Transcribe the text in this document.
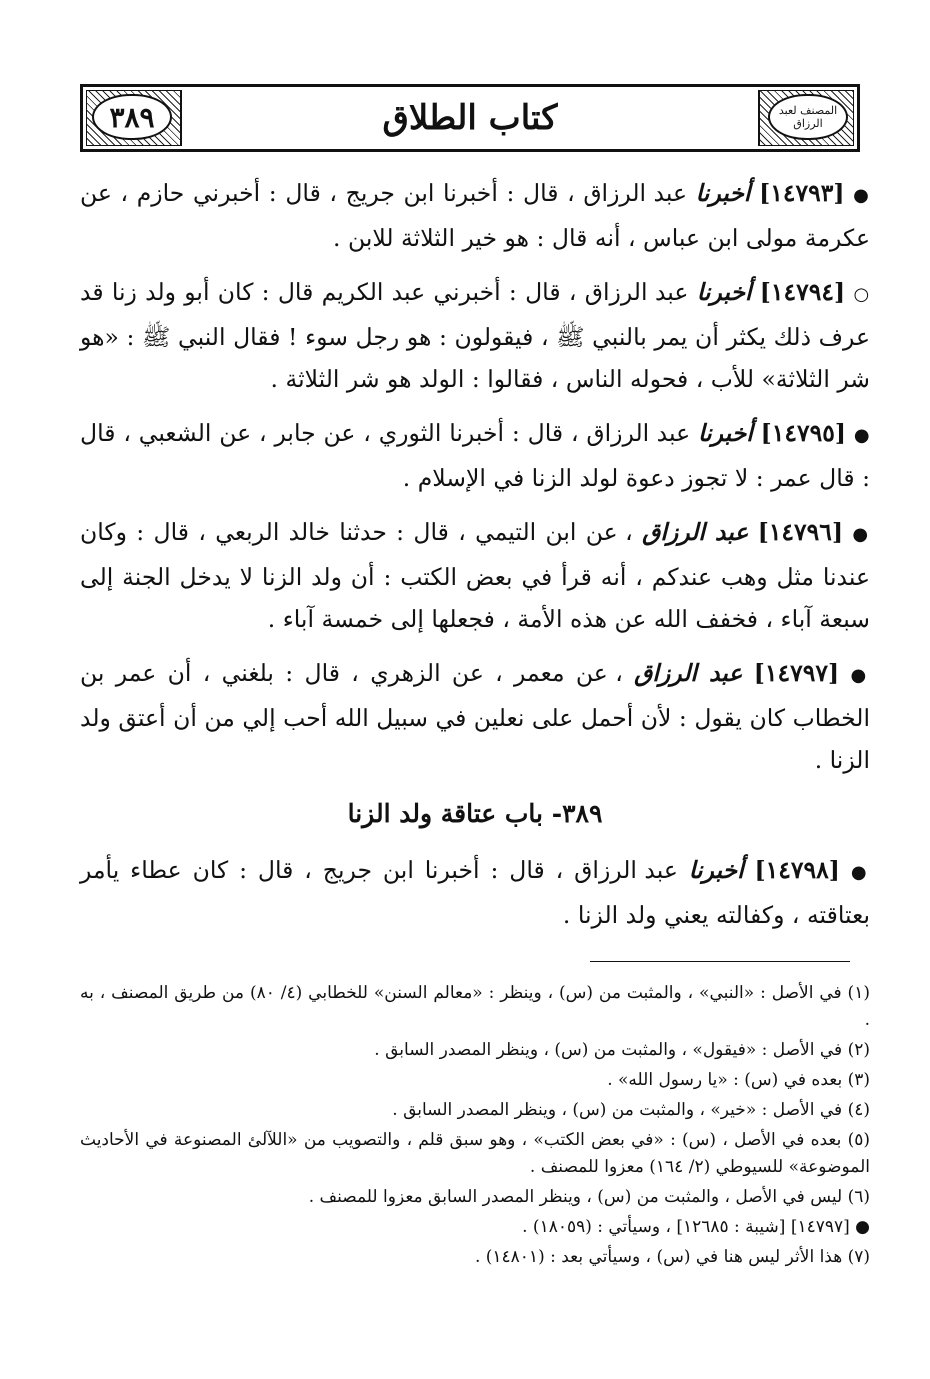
٣٨٩	كتاب الطلاق	المصنف لعبد الرزاق

● [١٤٧٩٣] أخبرنا عبد الرزاق ، قال : أخبرنا ابن جريج ، قال : أخبرني حازم ، عن عكرمة مولى ابن عباس ، أنه قال : هو خير الثلاثة للابن .

○ [١٤٧٩٤] أخبرنا عبد الرزاق ، قال : أخبرني عبد الكريم قال : كان أبو ولد زنا قد عرف ذلك يكثر أن يمر بالنبي ﷺ ، فيقولون : هو رجل سوء ! فقال النبي ﷺ : «هو شر الثلاثة» للأب ، فحوله الناس ، فقالوا : الولد هو شر الثلاثة .

● [١٤٧٩٥] أخبرنا عبد الرزاق ، قال : أخبرنا الثوري ، عن جابر ، عن الشعبي ، قال : قال عمر : لا تجوز دعوة لولد الزنا في الإسلام .

● [١٤٧٩٦] عبد الرزاق ، عن ابن التيمي ، قال : حدثنا خالد الربعي ، قال : وكان عندنا مثل وهب عندكم ، أنه قرأ في بعض الكتب : أن ولد الزنا لا يدخل الجنة إلى سبعة آباء ، فخفف الله عن هذه الأمة ، فجعلها إلى خمسة آباء .

● [١٤٧٩٧] عبد الرزاق ، عن معمر ، عن الزهري ، قال : بلغني ، أن عمر بن الخطاب كان يقول : لأن أحمل على نعلين في سبيل الله أحب إلي من أن أعتق ولد الزنا .

٣٨٩- باب عتاقة ولد الزنا

● [١٤٧٩٨] أخبرنا عبد الرزاق ، قال : أخبرنا ابن جريج ، قال : كان عطاء يأمر بعتاقته ، وكفالته يعني ولد الزنا .

(١) في الأصل : «النبي» ، والمثبت من (س) ، وينظر : «معالم السنن» للخطابي (٤/ ٨٠) من طريق المصنف ، به .

(٢) في الأصل : «فيقول» ، والمثبت من (س) ، وينظر المصدر السابق .

(٣) بعده في (س) : «يا رسول الله» .

(٤) في الأصل : «خير» ، والمثبت من (س) ، وينظر المصدر السابق .

(٥) بعده في الأصل ، (س) : «في بعض الكتب» ، وهو سبق قلم ، والتصويب من «اللآلئ المصنوعة في الأحاديث الموضوعة» للسيوطي (٢/ ١٦٤) معزوا للمصنف .

(٦) ليس في الأصل ، والمثبت من (س) ، وينظر المصدر السابق معزوا للمصنف .

● [١٤٧٩٧] [شيبة : ١٢٦٨٥] ، وسيأتي : (١٨٠٥٩) .

(٧) هذا الأثر ليس هنا في (س) ، وسيأتي بعد : (١٤٨٠١) .
